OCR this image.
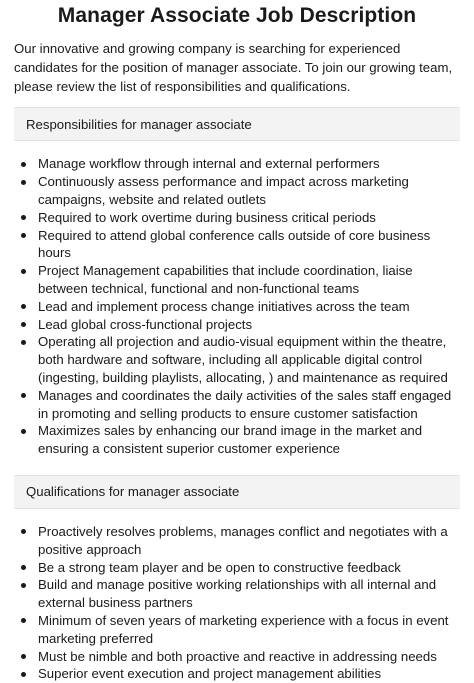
Manager Associate Job Description

Our innovative and growing company is searching for experienced candidates for the position of manager associate. To join our growing team, please review the list of responsibilities and qualifications.

Responsibilities for manager associate
Manage workflow through internal and external performers
Continuously assess performance and impact across marketing campaigns, website and related outlets
Required to work overtime during business critical periods
Required to attend global conference calls outside of core business hours
Project Management capabilities that include coordination, liaise between technical, functional and non-functional teams
Lead and implement process change initiatives across the team
Lead global cross-functional projects
Operating all projection and audio-visual equipment within the theatre, both hardware and software, including all applicable digital control (ingesting, building playlists, allocating, ) and maintenance as required
Manages and coordinates the daily activities of the sales staff engaged in promoting and selling products to ensure customer satisfaction
Maximizes sales by enhancing our brand image in the market and ensuring a consistent superior customer experience
Qualifications for manager associate
Proactively resolves problems, manages conflict and negotiates with a positive approach
Be a strong team player and be open to constructive feedback
Build and manage positive working relationships with all internal and external business partners
Minimum of seven years of marketing experience with a focus in event marketing preferred
Must be nimble and both proactive and reactive in addressing needs
Superior event execution and project management abilities
